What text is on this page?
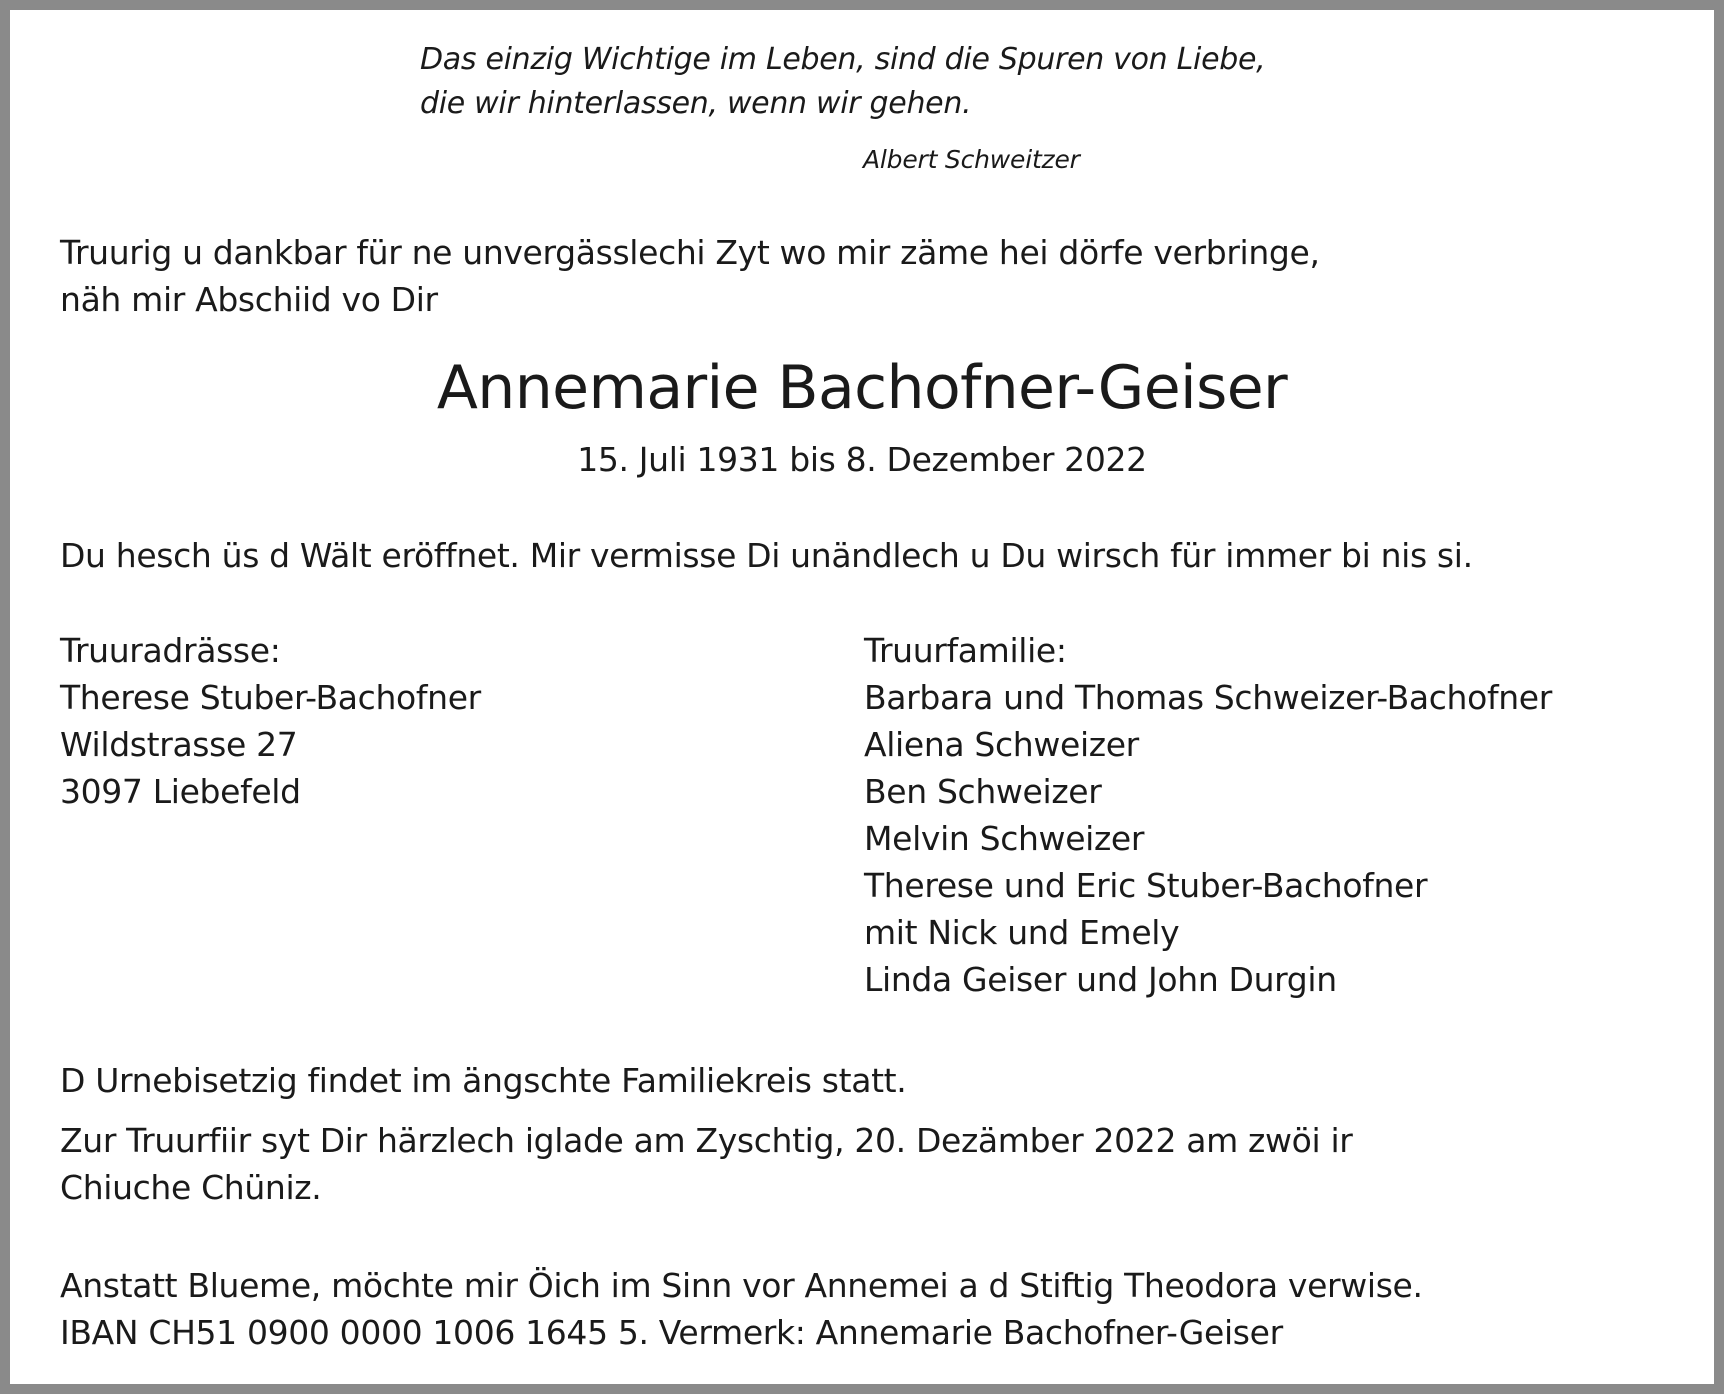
Das einzig Wichtige im Leben, sind die Spuren von Liebe,
die wir hinterlassen, wenn wir gehen.
Albert Schweitzer
Truurig u dankbar für ne unvergässlechi Zyt wo mir zäme hei dörfe verbringe,
näh mir Abschiid vo Dir
Annemarie Bachofner-Geiser
15. Juli 1931 bis 8. Dezember 2022
Du hesch üs d Wält eröffnet. Mir vermisse Di unändlech u Du wirsch für immer bi nis si.
Truuradrässe:
Therese Stuber-Bachofner
Wildstrasse 27
3097 Liebefeld
Truurfamilie:
Barbara und Thomas Schweizer-Bachofner
Aliena Schweizer
Ben Schweizer
Melvin Schweizer
Therese und Eric Stuber-Bachofner
mit Nick und Emely
Linda Geiser und John Durgin
D Urnebisetzig findet im ängschte Familiekreis statt.
Zur Truurfiir syt Dir härzlech iglade am Zyschtig, 20. Dezämber 2022 am zwöi ir
Chiuche Chüniz.
Anstatt Blueme, möchte mir Öich im Sinn vor Annemei a d Stiftig Theodora verwise.
IBAN CH51 0900 0000 1006 1645 5. Vermerk: Annemarie Bachofner-Geiser
